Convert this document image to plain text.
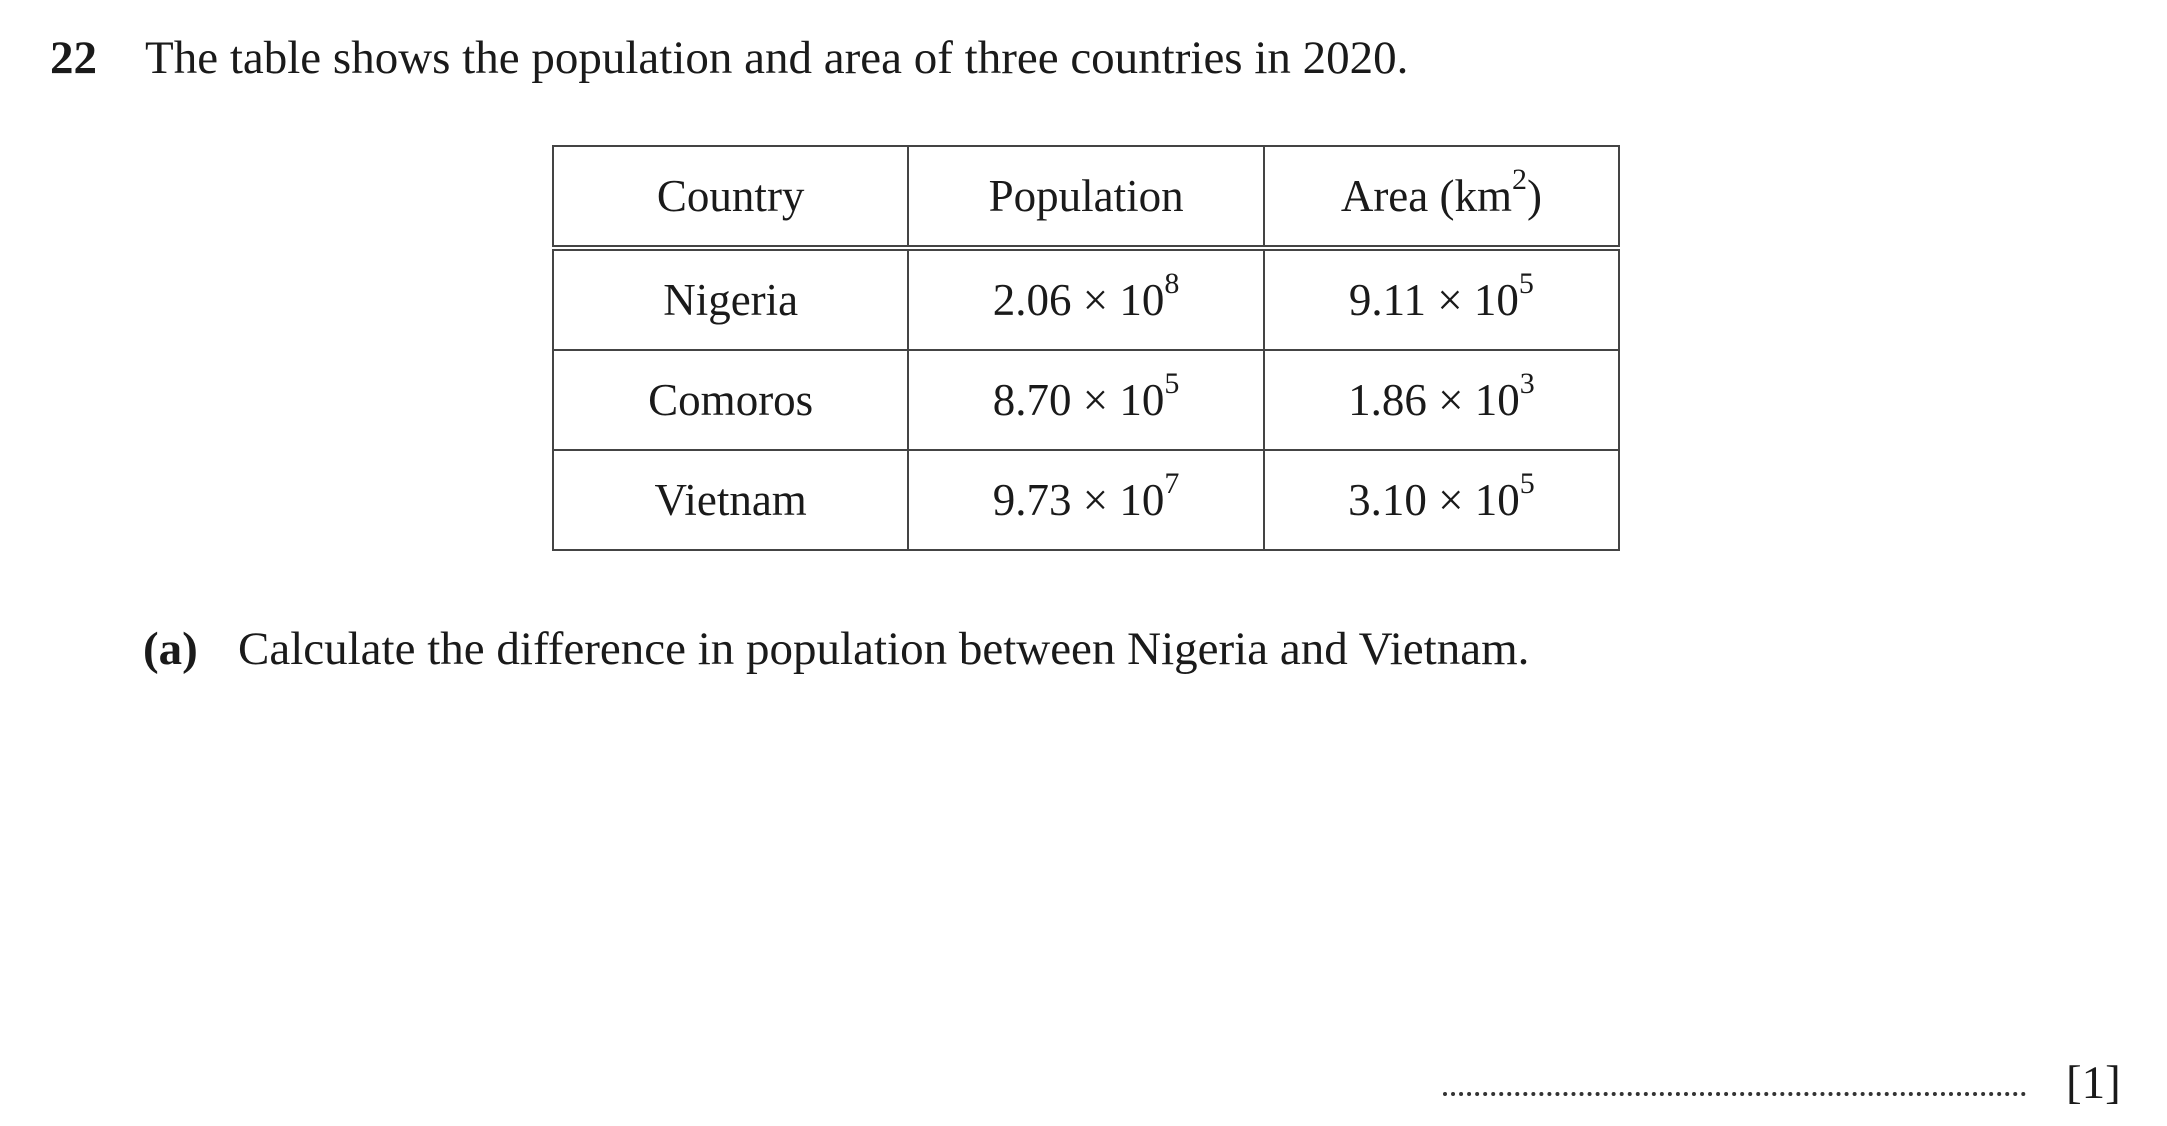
22 The table shows the population and area of three countries in 2020.
Country	Population	Area $(km^2)$
Nigeria	$2.06 \times 10^8$	$9.11 \times 10^5$
Comoros	$8.70 \times 10^5$	$1.86 \times 10^3$
Vietnam	$9.73 \times 10^7$	$3.10 \times 10^5$
(a) Calculate the difference in population between Nigeria and Vietnam.
[1]
